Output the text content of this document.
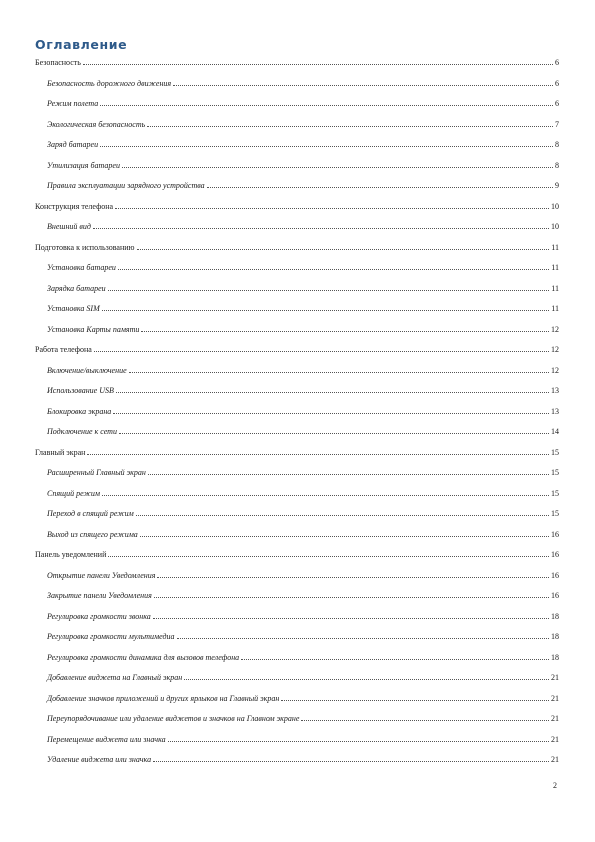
Оглавление
Безопасность	6
Безопасность дорожного движения	6
Режим полета	6
Экологическая безопасность	7
Заряд батареи	8
Утилизация батареи	8
Правила эксплуатации зарядного устройства	9
Конструкция телефона	10
Внешний вид	10
Подготовка к использованию	11
Установка батареи	11
Зарядка батареи	11
Установка SIM	11
Установка Карты памяти	12
Работа телефона	12
Включение/выключение	12
Использование USB	13
Блокировка экрана	13
Подключение к сети	14
Главный экран	15
Расширенный Главный экран	15
Спящий режим	15
Переход в спящий режим	15
Выход из спящего режима	16
Панель уведомлений	16
Открытие панели Уведомления	16
Закрытие панели Уведомления	16
Регулировка громкости звонка	18
Регулировка громкости мультимедиа	18
Регулировка громкости динамика для вызовов телефона	18
Добавление виджета на Главный экран	21
Добавление значков приложений и других ярлыков на Главный экран	21
Переупорядочивание или удаление виджетов и значков на Главном экране	21
Перемещение виджета или значка	21
Удаление виджета или значка	21
2
